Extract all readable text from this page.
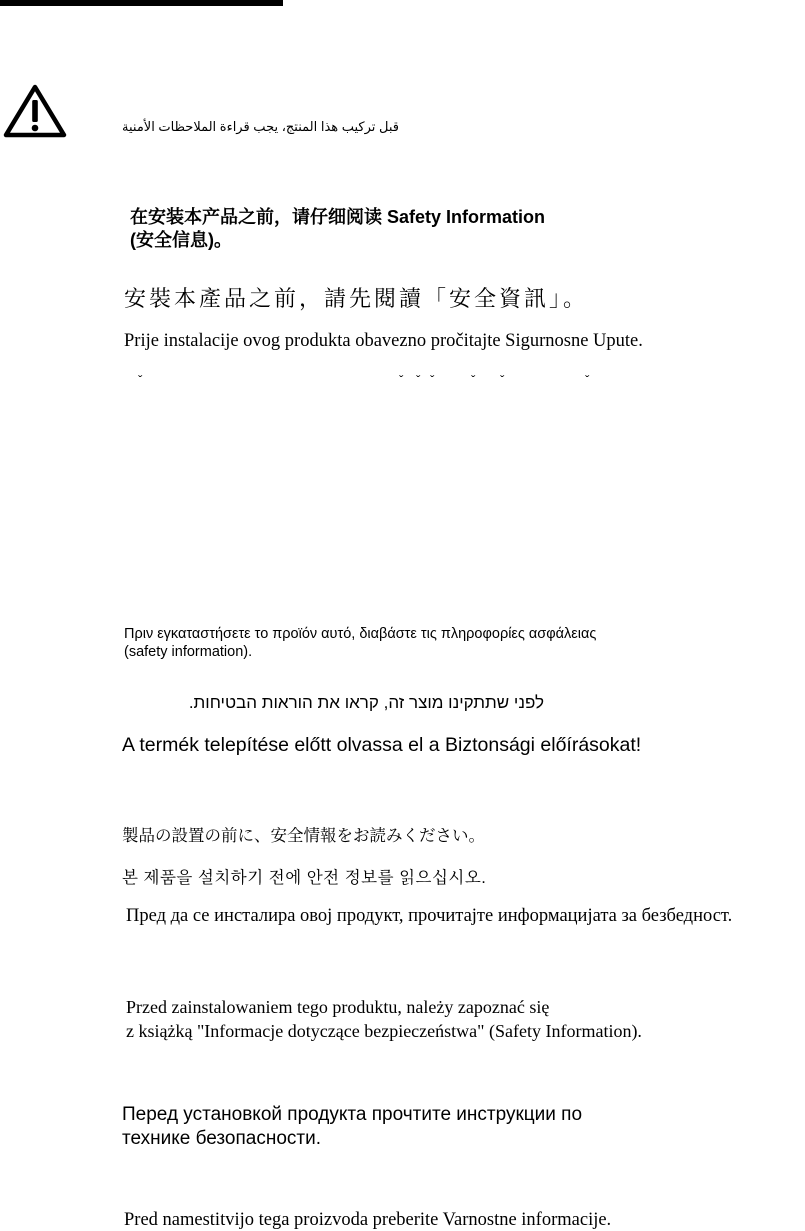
قبل تركيب هذا المنتج، يجب قراءة الملاحظات الأمنية
在安装本产品之前，请仔细阅读 Safety Information
(安全信息)。
安裝本產品之前，請先閱讀「安全資訊」。
Prije instalacije ovog produkta obavezno pročitajte Sigurnosne Upute.
ˇ	ˇ ˇ ˇ	ˇ ˇ	ˇ
Πριν εγκαταστήσετε το προϊόν αυτό, διαβάστε τις πληροφορίες ασφάλειας
(safety information).
לפני שתתקינו מוצר זה, קראו את הוראות הבטיחות.
A termék telepítése előtt olvassa el a Biztonsági előírásokat!
製品の設置の前に、安全情報をお読みください。
본 제품을 설치하기 전에 안전 정보를 읽으십시오.
Пред да се инсталира овој продукт, прочитајте информацијата за безбедност.
Przed zainstalowaniem tego produktu, należy zapoznać się
z książką "Informacje dotyczące bezpieczeństwa" (Safety Information).
Перед установкой продукта прочтите инструкции по
технике безопасности.
Pred namestitvijo tega proizvoda preberite Varnostne informacije.
